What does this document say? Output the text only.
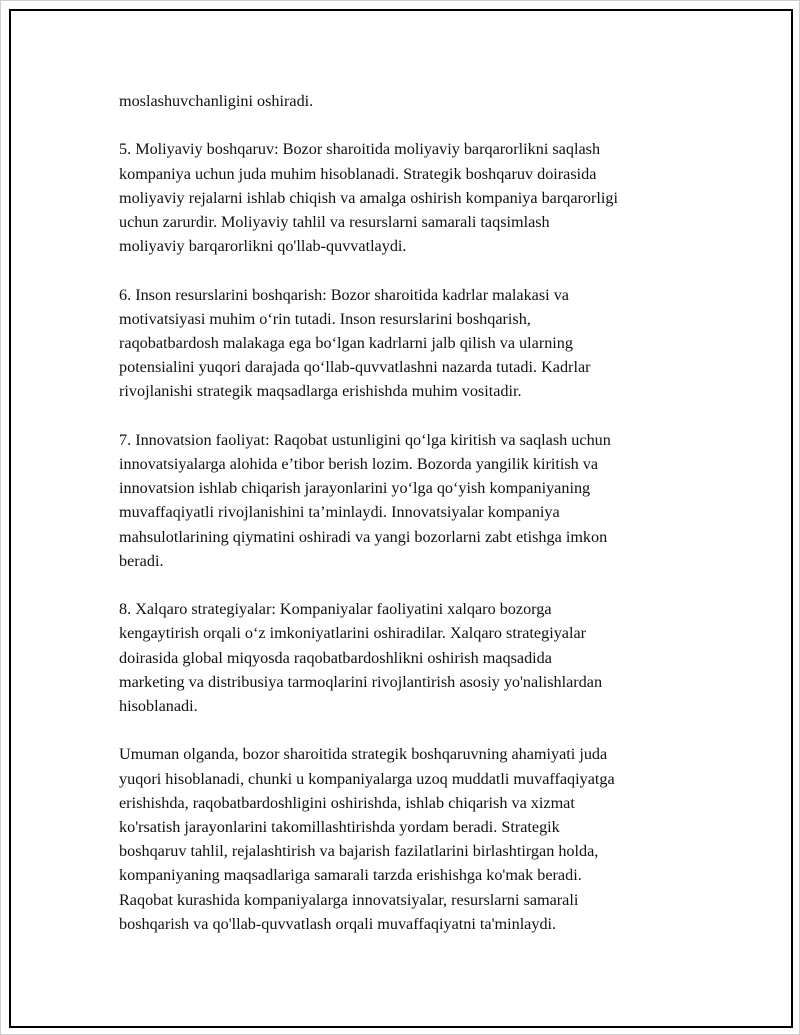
moslashuvchanligini oshiradi.

5. Moliyaviy boshqaruv: Bozor sharoitida moliyaviy barqarorlikni saqlash
kompaniya uchun juda muhim hisoblanadi. Strategik boshqaruv doirasida
moliyaviy rejalarni ishlab chiqish va amalga oshirish kompaniya barqarorligi
uchun zarurdir. Moliyaviy tahlil va resurslarni samarali taqsimlash
moliyaviy barqarorlikni qo'llab-quvvatlaydi.

6. Inson resurslarini boshqarish: Bozor sharoitida kadrlar malakasi va
motivatsiyasi muhim o‘rin tutadi. Inson resurslarini boshqarish,
raqobatbardosh malakaga ega bo‘lgan kadrlarni jalb qilish va ularning
potensialini yuqori darajada qo‘llab-quvvatlashni nazarda tutadi. Kadrlar
rivojlanishi strategik maqsadlarga erishishda muhim vositadir.

7. Innovatsion faoliyat: Raqobat ustunligini qo‘lga kiritish va saqlash uchun
innovatsiyalarga alohida e’tibor berish lozim. Bozorda yangilik kiritish va
innovatsion ishlab chiqarish jarayonlarini yo‘lga qo‘yish kompaniyaning
muvaffaqiyatli rivojlanishini ta’minlaydi. Innovatsiyalar kompaniya
mahsulotlarining qiymatini oshiradi va yangi bozorlarni zabt etishga imkon
beradi.

8. Xalqaro strategiyalar: Kompaniyalar faoliyatini xalqaro bozorga
kengaytirish orqali o‘z imkoniyatlarini oshiradilar. Xalqaro strategiyalar
doirasida global miqyosda raqobatbardoshlikni oshirish maqsadida
marketing va distribusiya tarmoqlarini rivojlantirish asosiy yo'nalishlardan
hisoblanadi.

Umuman olganda, bozor sharoitida strategik boshqaruvning ahamiyati juda
yuqori hisoblanadi, chunki u kompaniyalarga uzoq muddatli muvaffaqiyatga
erishishda, raqobatbardoshligini oshirishda, ishlab chiqarish va xizmat
ko'rsatish jarayonlarini takomillashtirishda yordam beradi. Strategik
boshqaruv tahlil, rejalashtirish va bajarish fazilatlarini birlashtirgan holda,
kompaniyaning maqsadlariga samarali tarzda erishishga ko'mak beradi.
Raqobat kurashida kompaniyalarga innovatsiyalar, resurslarni samarali
boshqarish va qo'llab-quvvatlash orqali muvaffaqiyatni ta'minlaydi.
